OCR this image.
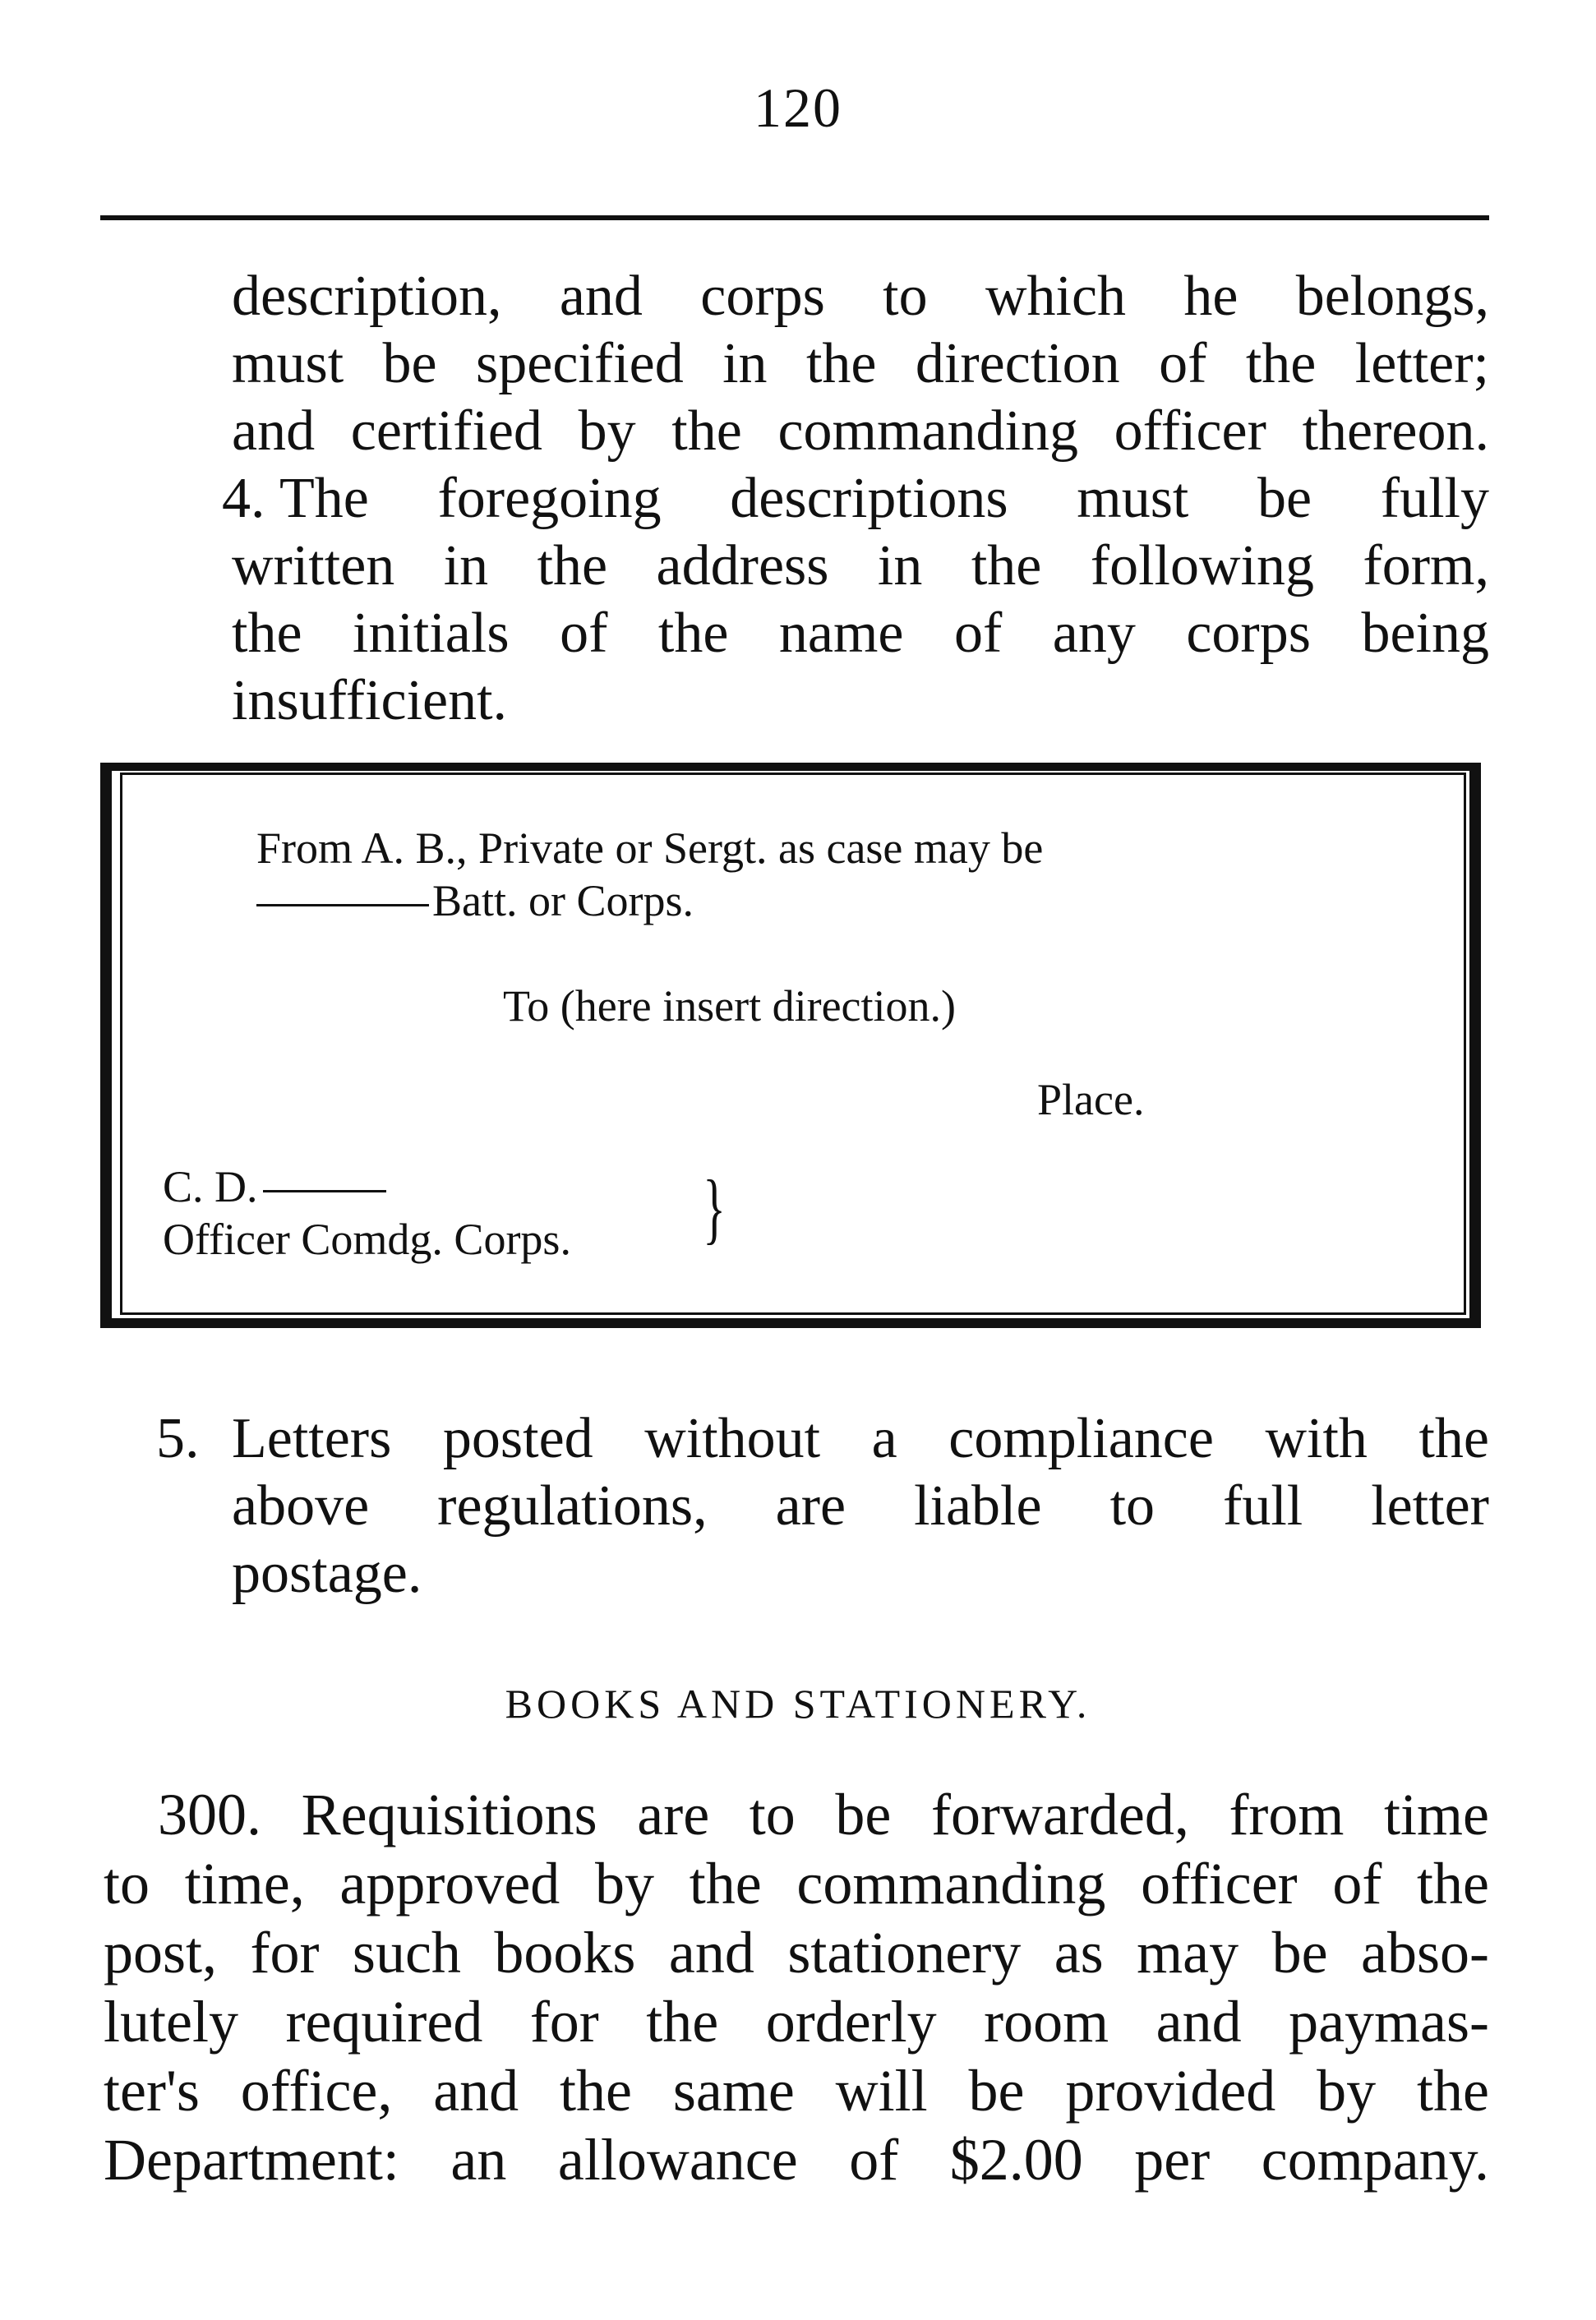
120
description, and corps to which he belongs,
must be specified in the direction of the letter;
and certified by the commanding officer thereon.
4. The foregoing descriptions must be fully
written in the address in the following form,
the initials of the name of any corps being
insufficient.
From A. B., Private or Sergt. as case may be
Batt. or Corps.
To (here insert direction.)
Place.
C. D.
Officer Comdg. Corps. }
5. Letters posted without a compliance with the
above regulations, are liable to full letter
postage.
BOOKS AND STATIONERY.
300. Requisitions are to be forwarded, from time
to time, approved by the commanding officer of the
post, for such books and stationery as may be abso-
lutely required for the orderly room and paymas-
ter's office, and the same will be provided by the
Department: an allowance of $2.00 per company.
